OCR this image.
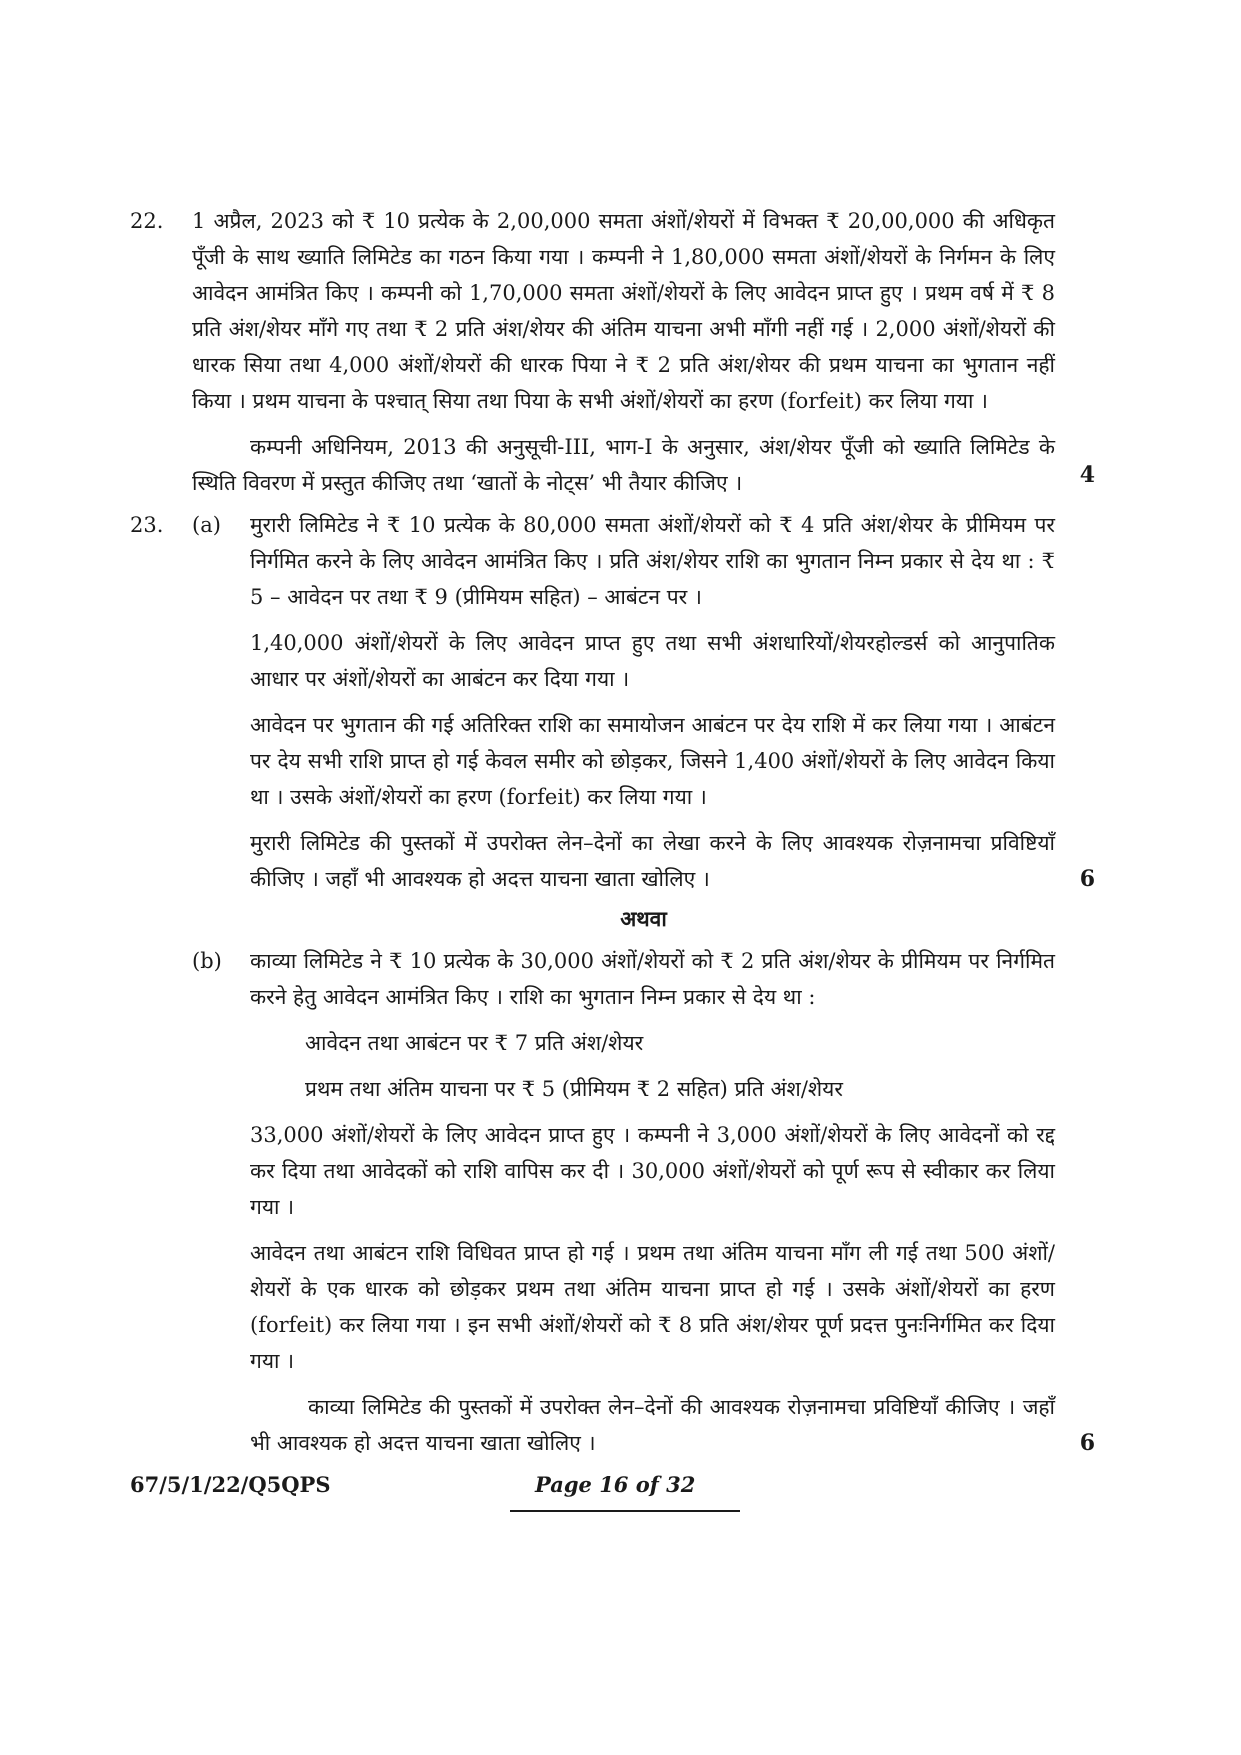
22. 1 अप्रैल, 2023 को ₹ 10 प्रत्येक के 2,00,000 समता अंशों/शेयरों में विभक्त ₹ 20,00,000 की अधिकृत पूँजी के साथ ख्याति लिमिटेड का गठन किया गया । कम्पनी ने 1,80,000 समता अंशों/शेयरों के निर्गमन के लिए आवेदन आमंत्रित किए । कम्पनी को 1,70,000 समता अंशों/शेयरों के लिए आवेदन प्राप्त हुए । प्रथम वर्ष में ₹ 8 प्रति अंश/शेयर माँगे गए तथा ₹ 2 प्रति अंश/शेयर की अंतिम याचना अभी माँगी नहीं गई । 2,000 अंशों/शेयरों की धारक सिया तथा 4,000 अंशों/शेयरों की धारक पिया ने ₹ 2 प्रति अंश/शेयर की प्रथम याचना का भुगतान नहीं किया । प्रथम याचना के पश्चात् सिया तथा पिया के सभी अंशों/शेयरों का हरण (forfeit) कर लिया गया ।

कम्पनी अधिनियम, 2013 की अनुसूची-III, भाग-I के अनुसार, अंश/शेयर पूँजी को ख्याति लिमिटेड के स्थिति विवरण में प्रस्तुत कीजिए तथा ‘खातों के नोट्स’ भी तैयार कीजिए ।	4
23. (a) मुरारी लिमिटेड ने ₹ 10 प्रत्येक के 80,000 समता अंशों/शेयरों को ₹ 4 प्रति अंश/शेयर के प्रीमियम पर निर्गमित करने के लिए आवेदन आमंत्रित किए । प्रति अंश/शेयर राशि का भुगतान निम्न प्रकार से देय था : ₹ 5 – आवेदन पर तथा ₹ 9 (प्रीमियम सहित) – आबंटन पर ।

1,40,000 अंशों/शेयरों के लिए आवेदन प्राप्त हुए तथा सभी अंशधारियों/शेयरहोल्डर्स को आनुपातिक आधार पर अंशों/शेयरों का आबंटन कर दिया गया ।

आवेदन पर भुगतान की गई अतिरिक्त राशि का समायोजन आबंटन पर देय राशि में कर लिया गया । आबंटन पर देय सभी राशि प्राप्त हो गई केवल समीर को छोड़कर, जिसने 1,400 अंशों/शेयरों के लिए आवेदन किया था । उसके अंशों/शेयरों का हरण (forfeit) कर लिया गया ।

मुरारी लिमिटेड की पुस्तकों में उपरोक्त लेन–देनों का लेखा करने के लिए आवश्यक रोज़नामचा प्रविष्टियाँ कीजिए । जहाँ भी आवश्यक हो अदत्त याचना खाता खोलिए ।	6
अथवा
(b) काव्या लिमिटेड ने ₹ 10 प्रत्येक के 30,000 अंशों/शेयरों को ₹ 2 प्रति अंश/शेयर के प्रीमियम पर निर्गमित करने हेतु आवेदन आमंत्रित किए । राशि का भुगतान निम्न प्रकार से देय था :

आवेदन तथा आबंटन पर ₹ 7 प्रति अंश/शेयर

प्रथम तथा अंतिम याचना पर ₹ 5 (प्रीमियम ₹ 2 सहित) प्रति अंश/शेयर

33,000 अंशों/शेयरों के लिए आवेदन प्राप्त हुए । कम्पनी ने 3,000 अंशों/शेयरों के लिए आवेदनों को रद्द कर दिया तथा आवेदकों को राशि वापिस कर दी । 30,000 अंशों/शेयरों को पूर्ण रूप से स्वीकार कर लिया गया ।

आवेदन तथा आबंटन राशि विधिवत प्राप्त हो गई । प्रथम तथा अंतिम याचना माँग ली गई तथा 500 अंशों/शेयरों के एक धारक को छोड़कर प्रथम तथा अंतिम याचना प्राप्त हो गई । उसके अंशों/शेयरों का हरण (forfeit) कर लिया गया । इन सभी अंशों/शेयरों को ₹ 8 प्रति अंश/शेयर पूर्ण प्रदत्त पुनःनिर्गमित कर दिया गया ।

काव्या लिमिटेड की पुस्तकों में उपरोक्त लेन–देनों की आवश्यक रोज़नामचा प्रविष्टियाँ कीजिए । जहाँ भी आवश्यक हो अदत्त याचना खाता खोलिए ।	6
67/5/1/22/Q5QPS	Page 16 of 32
